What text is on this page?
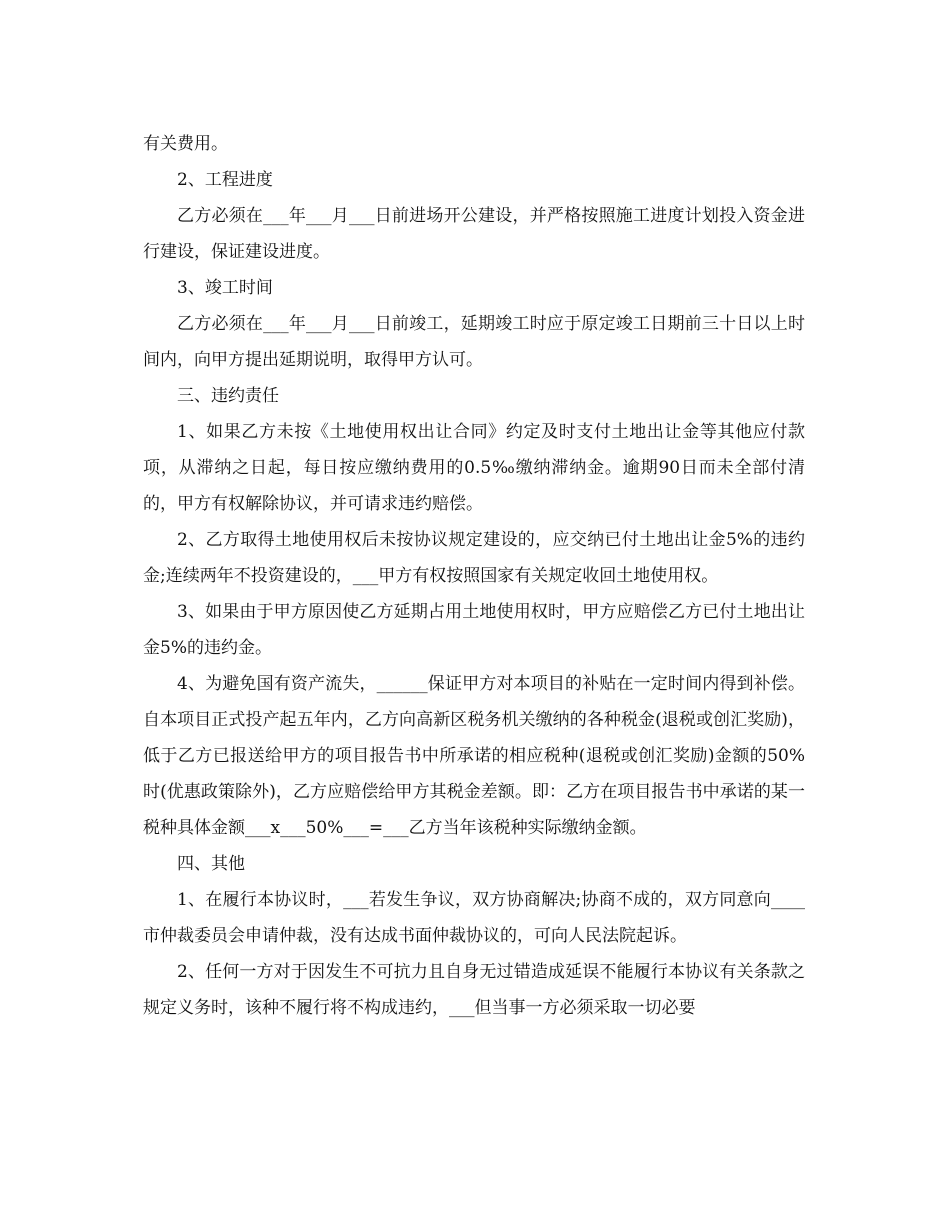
有关费用。

2、工程进度

乙方必须在___年___月___日前进场开公建设，并严格按照施工进度计划投入资金进行建设，保证建设进度。

3、竣工时间

乙方必须在___年___月___日前竣工，延期竣工时应于原定竣工日期前三十日以上时间内，向甲方提出延期说明，取得甲方认可。

三、违约责任

1、如果乙方未按《土地使用权出让合同》约定及时支付土地出让金等其他应付款项，从滞纳之日起，每日按应缴纳费用的0.5‰缴纳滞纳金。逾期90日而未全部付清的，甲方有权解除协议，并可请求违约赔偿。

2、乙方取得土地使用权后未按协议规定建设的，应交纳已付土地出让金5%的违约金;连续两年不投资建设的，___甲方有权按照国家有关规定收回土地使用权。

3、如果由于甲方原因使乙方延期占用土地使用权时，甲方应赔偿乙方已付土地出让金5%的违约金。

4、为避免国有资产流失，______保证甲方对本项目的补贴在一定时间内得到补偿。自本项目正式投产起五年内，乙方向高新区税务机关缴纳的各种税金(退税或创汇奖励)，低于乙方已报送给甲方的项目报告书中所承诺的相应税种(退税或创汇奖励)金额的50%时(优惠政策除外)，乙方应赔偿给甲方其税金差额。即：乙方在项目报告书中承诺的某一税种具体金额___x___50%___=___乙方当年该税种实际缴纳金额。

四、其他

1、在履行本协议时，___若发生争议，双方协商解决;协商不成的，双方同意向____市仲裁委员会申请仲裁，没有达成书面仲裁协议的，可向人民法院起诉。

2、任何一方对于因发生不可抗力且自身无过错造成延误不能履行本协议有关条款之规定义务时，该种不履行将不构成违约，___但当事一方必须采取一切必要
